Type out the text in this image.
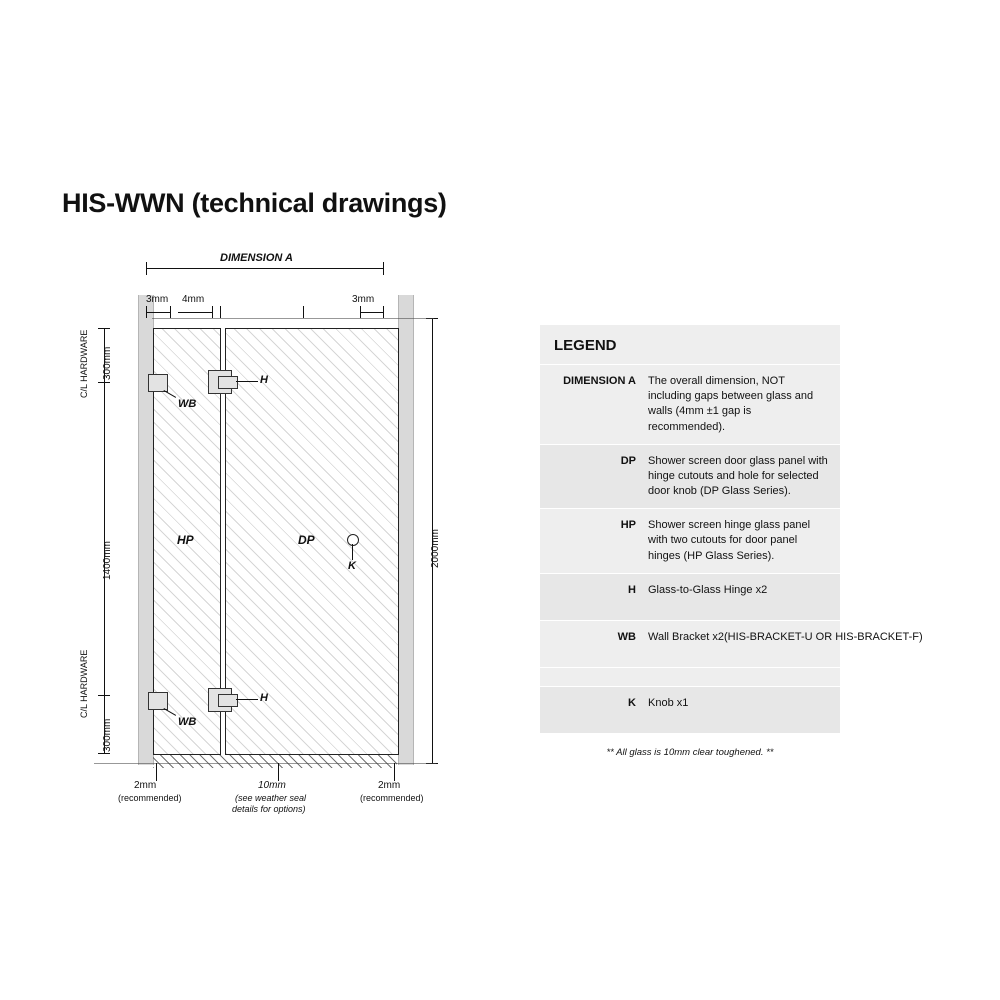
HIS-WWN (technical drawings)
DIMENSION A
3mm 4mm	3mm
HP	DP
K
H
WB
H
WB
300mm
1400mm
300mm
C/L HARDWARE
C/L HARDWARE
2000mm
2mm
(recommended)
10mm
(see weather seal
details for options)
2mm
(recommended)
LEGEND
DIMENSION A	The overall dimension, NOT including gaps between glass and walls (4mm ±1 gap is recommended).
DP	Shower screen door glass panel with hinge cutouts and hole for selected door knob (DP Glass Series).
HP	Shower screen hinge glass panel with two cutouts for door panel hinges (HP Glass Series).
H	Glass-to-Glass Hinge x2
WB	Wall Bracket x2(HIS-BRACKET-U OR HIS-BRACKET-F)
K	Knob x1
** All glass is 10mm clear toughened. **
